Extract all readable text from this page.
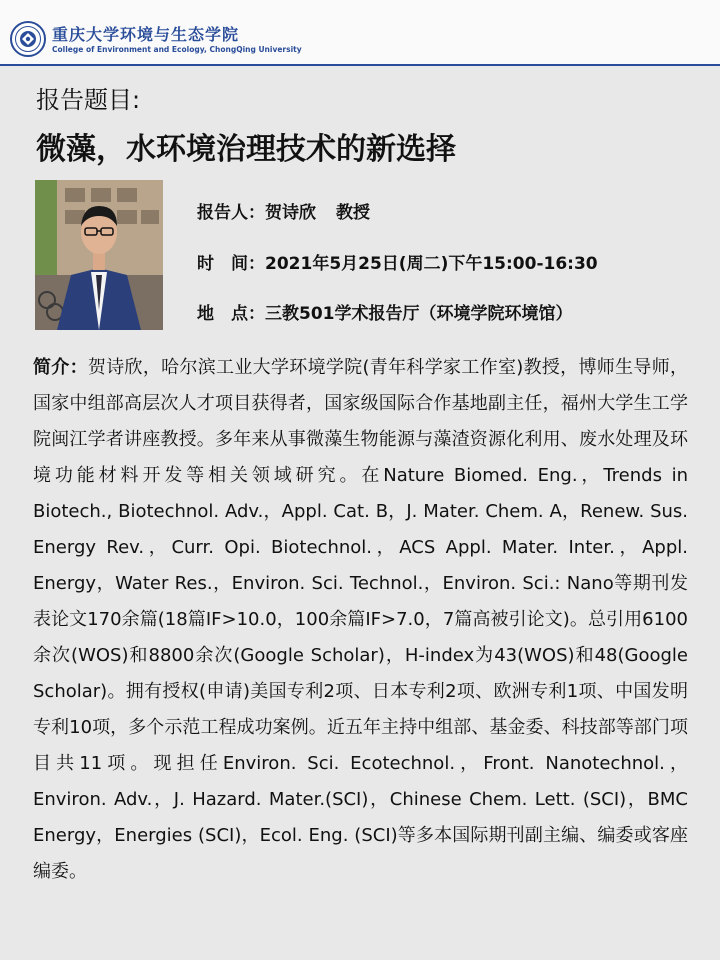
重庆大学环境与生态学院
College of Environment and Ecology, ChongQing University
报告题目:
微藻，水环境治理技术的新选择
报告人：贺诗欣 教授
时　间：2021年5月25日(周二)下午15:00-16:30
地　点：三教501学术报告厅（环境学院环境馆）
简介：贺诗欣，哈尔滨工业大学环境学院(青年科学家工作室)教授，博师生导师，国家中组部高层次人才项目获得者，国家级国际合作基地副主任，福州大学生工学院闽江学者讲座教授。多年来从事微藻生物能源与藻渣资源化利用、废水处理及环境功能材料开发等相关领域研究。在Nature Biomed. Eng.，Trends in Biotech., Biotechnol. Adv.，Appl. Cat. B，J. Mater. Chem. A，Renew. Sus. Energy Rev.，Curr. Opi. Biotechnol.，ACS Appl. Mater. Inter.，Appl. Energy，Water Res.，Environ. Sci. Technol.，Environ. Sci.: Nano等期刊发表论文170余篇(18篇IF>10.0，100余篇IF>7.0，7篇高被引论文)。总引用6100余次(WOS)和8800余次(Google Scholar)，H-index为43(WOS)和48(Google Scholar)。拥有授权(申请)美国专利2项、日本专利2项、欧洲专利1项、中国发明专利10项，多个示范工程成功案例。近五年主持中组部、基金委、科技部等部门项目共11项。现担任Environ. Sci. Ecotechnol.，Front. Nanotechnol.，Environ. Adv.，J. Hazard. Mater.(SCI)，Chinese Chem. Lett. (SCI)，BMC Energy，Energies (SCI)，Ecol. Eng. (SCI)等多本国际期刊副主编、编委或客座编委。
